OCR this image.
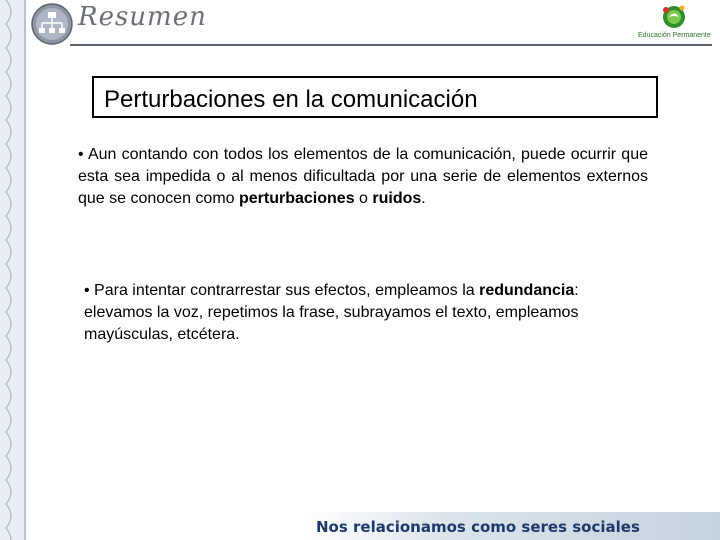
Resumen
Educación Permanente
Perturbaciones en la comunicación
• Aun contando con todos los elementos de la comunicación, puede ocurrir que esta sea impedida o al menos dificultada por una serie de elementos externos que se conocen como perturbaciones o ruidos.
• Para intentar contrarrestar sus efectos, empleamos la redundancia: elevamos la voz, repetimos la frase, subrayamos el texto, empleamos mayúsculas, etcétera.
Nos relacionamos como seres sociales
